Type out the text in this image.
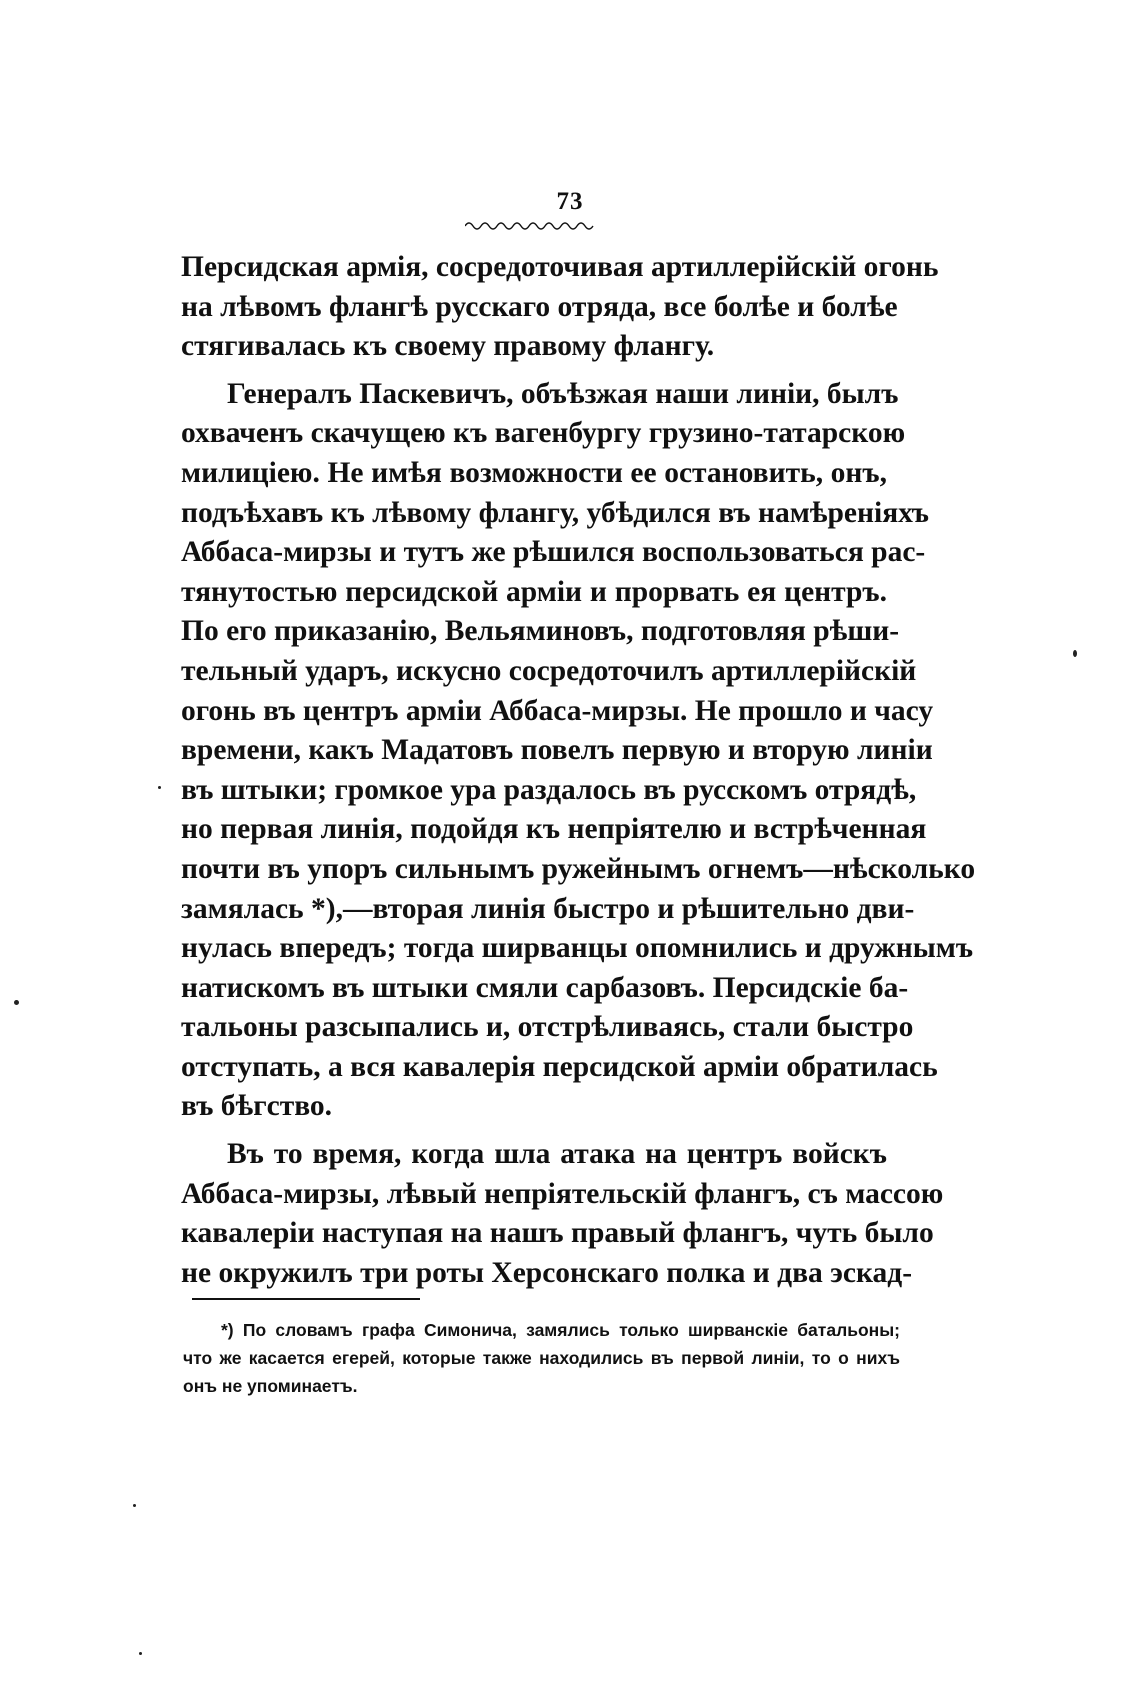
73
Персидская армія, сосредоточивая артиллерійскій огонь
на лѣвомъ флангѣ русскаго отряда, все болѣе и болѣе
стягивалась къ своему правому флангу.
Генералъ Паскевичъ, объѣзжая наши линіи, былъ
охваченъ скачущею къ вагенбургу грузино-татарскою
милиціею. Не имѣя возможности ее остановить, онъ,
подъѣхавъ къ лѣвому флангу, убѣдился въ намѣреніяхъ
Аббаса-мирзы и тутъ же рѣшился воспользоваться рас-
тянутостью персидской арміи и прорвать ея центръ.
По его приказанію, Вельяминовъ, подготовляя рѣши-
тельный ударъ, искусно сосредоточилъ артиллерійскій
огонь въ центръ арміи Аббаса-мирзы. Не прошло и часу
времени, какъ Мадатовъ повелъ первую и вторую линіи
въ штыки; громкое ура раздалось въ русскомъ отрядѣ,
но первая линія, подойдя къ непріятелю и встрѣченная
почти въ упоръ сильнымъ ружейнымъ огнемъ—нѣсколько
замялась *),—вторая линія быстро и рѣшительно дви-
нулась впередъ; тогда ширванцы опомнились и дружнымъ
натискомъ въ штыки смяли сарбазовъ. Персидскіе ба-
тальоны разсыпались и, отстрѣливаясь, стали быстро
отступать, а вся кавалерія персидской арміи обратилась
въ бѣгство.
Въ то время, когда шла атака на центръ войскъ
Аббаса-мирзы, лѣвый непріятельскій флангъ, съ массою
кавалеріи наступая на нашъ правый флангъ, чуть было
не окружилъ три роты Херсонскаго полка и два эскад-
*) По словамъ графа Симонича, замялись только ширванскіе батальоны;
что же касается егерей, которые также находились въ первой линіи, то о нихъ
онъ не упоминаетъ.
